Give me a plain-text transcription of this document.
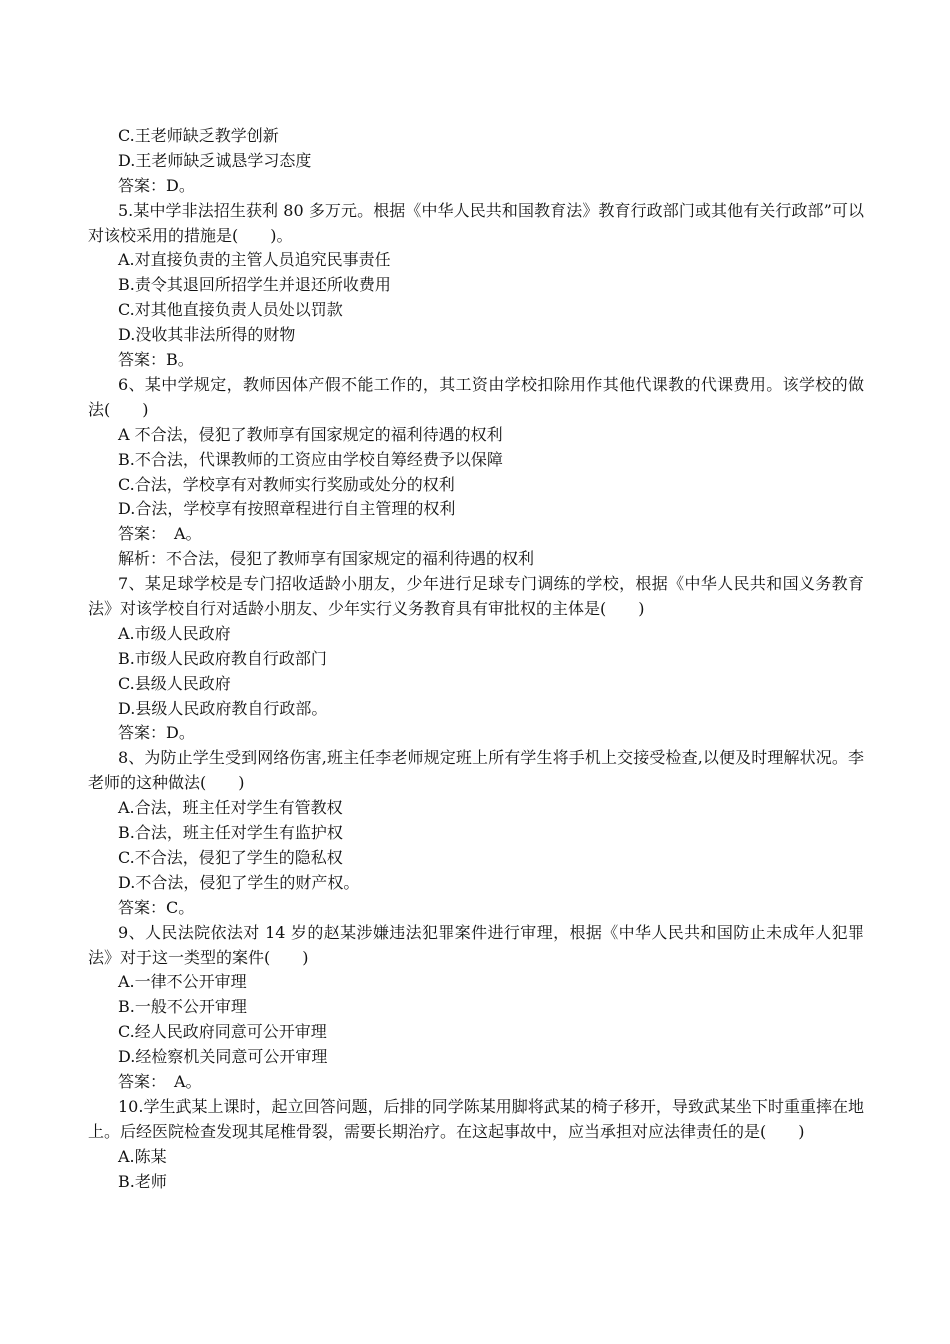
C.王老师缺乏教学创新
D.王老师缺乏诚恳学习态度
答案：D。
5.某中学非法招生获利 80 多万元。根据《中华人民共和国教育法》教育行政部门或其他有关行政部”可以对该校采用的措施是(　　)。
A.对直接负责的主管人员追究民事责任
B.责令其退回所招学生并退还所收费用
C.对其他直接负责人员处以罚款
D.没收其非法所得的财物
答案：B。
6、某中学规定，教师因体产假不能工作的，其工资由学校扣除用作其他代课教的代课费用。该学校的做法(　　)
A 不合法，侵犯了教师享有国家规定的福利待遇的权利
B.不合法，代课教师的工资应由学校自筹经费予以保障
C.合法，学校享有对教师实行奖励或处分的权利
D.合法，学校享有按照章程进行自主管理的权利
答案：　A。
解析：不合法，侵犯了教师享有国家规定的福利待遇的权利
7、某足球学校是专门招收适龄小朋友，少年进行足球专门调练的学校，根据《中华人民共和国义务教育法》对该学校自行对适龄小朋友、少年实行义务教育具有审批权的主体是(　　)
A.市级人民政府
B.市级人民政府教自行政部门
C.县级人民政府
D.县级人民政府教自行政部。
答案：D。
8、为防止学生受到网络伤害,班主任李老师规定班上所有学生将手机上交接受检查,以便及时理解状况。李老师的这种做法(　　)
A.合法，班主任对学生有管教权
B.合法，班主任对学生有监护权
C.不合法，侵犯了学生的隐私权
D.不合法，侵犯了学生的财产权。
答案：C。
9、人民法院依法对 14 岁的赵某涉嫌违法犯罪案件进行审理，根据《中华人民共和国防止未成年人犯罪法》对于这一类型的案件(　　)
A.一律不公开审理
B.一般不公开审理
C.经人民政府同意可公开审理
D.经检察机关同意可公开审理
答案：　A。
10.学生武某上课时，起立回答问题，后排的同学陈某用脚将武某的椅子移开，导致武某坐下时重重摔在地上。后经医院检查发现其尾椎骨裂，需要长期治疗。在这起事故中，应当承担对应法律责任的是(　　)
A.陈某
B.老师
